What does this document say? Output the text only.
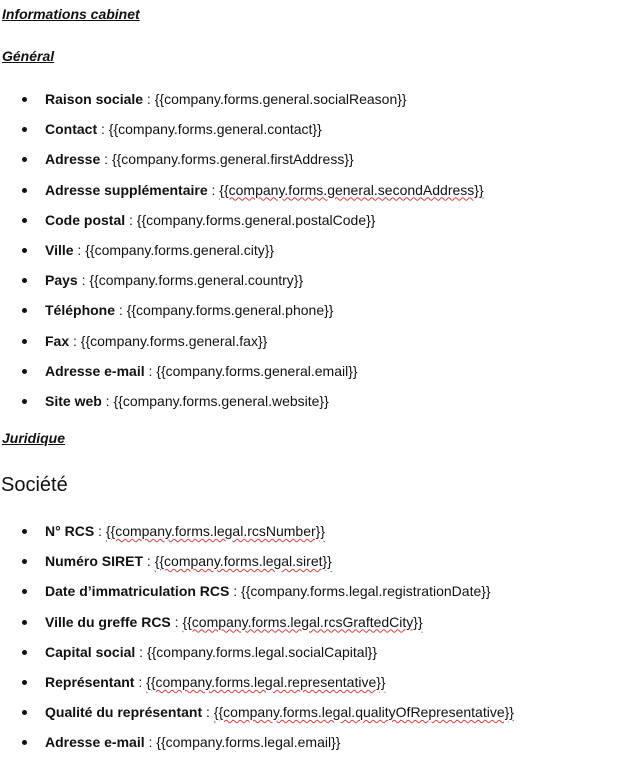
Informations cabinet
Général
Raison sociale : {{company.forms.general.socialReason}}
Contact : {{company.forms.general.contact}}
Adresse : {{company.forms.general.firstAddress}}
Adresse supplémentaire : {{company.forms.general.secondAddress}}
Code postal : {{company.forms.general.postalCode}}
Ville : {{company.forms.general.city}}
Pays : {{company.forms.general.country}}
Téléphone : {{company.forms.general.phone}}
Fax : {{company.forms.general.fax}}
Adresse e-mail : {{company.forms.general.email}}
Site web : {{company.forms.general.website}}
Juridique
Société
N° RCS : {{company.forms.legal.rcsNumber}}
Numéro SIRET : {{company.forms.legal.siret}}
Date d’immatriculation RCS : {{company.forms.legal.registrationDate}}
Ville du greffe RCS : {{company.forms.legal.rcsGraftedCity}}
Capital social : {{company.forms.legal.socialCapital}}
Représentant : {{company.forms.legal.representative}}
Qualité du représentant : {{company.forms.legal.qualityOfRepresentative}}
Adresse e-mail : {{company.forms.legal.email}}
